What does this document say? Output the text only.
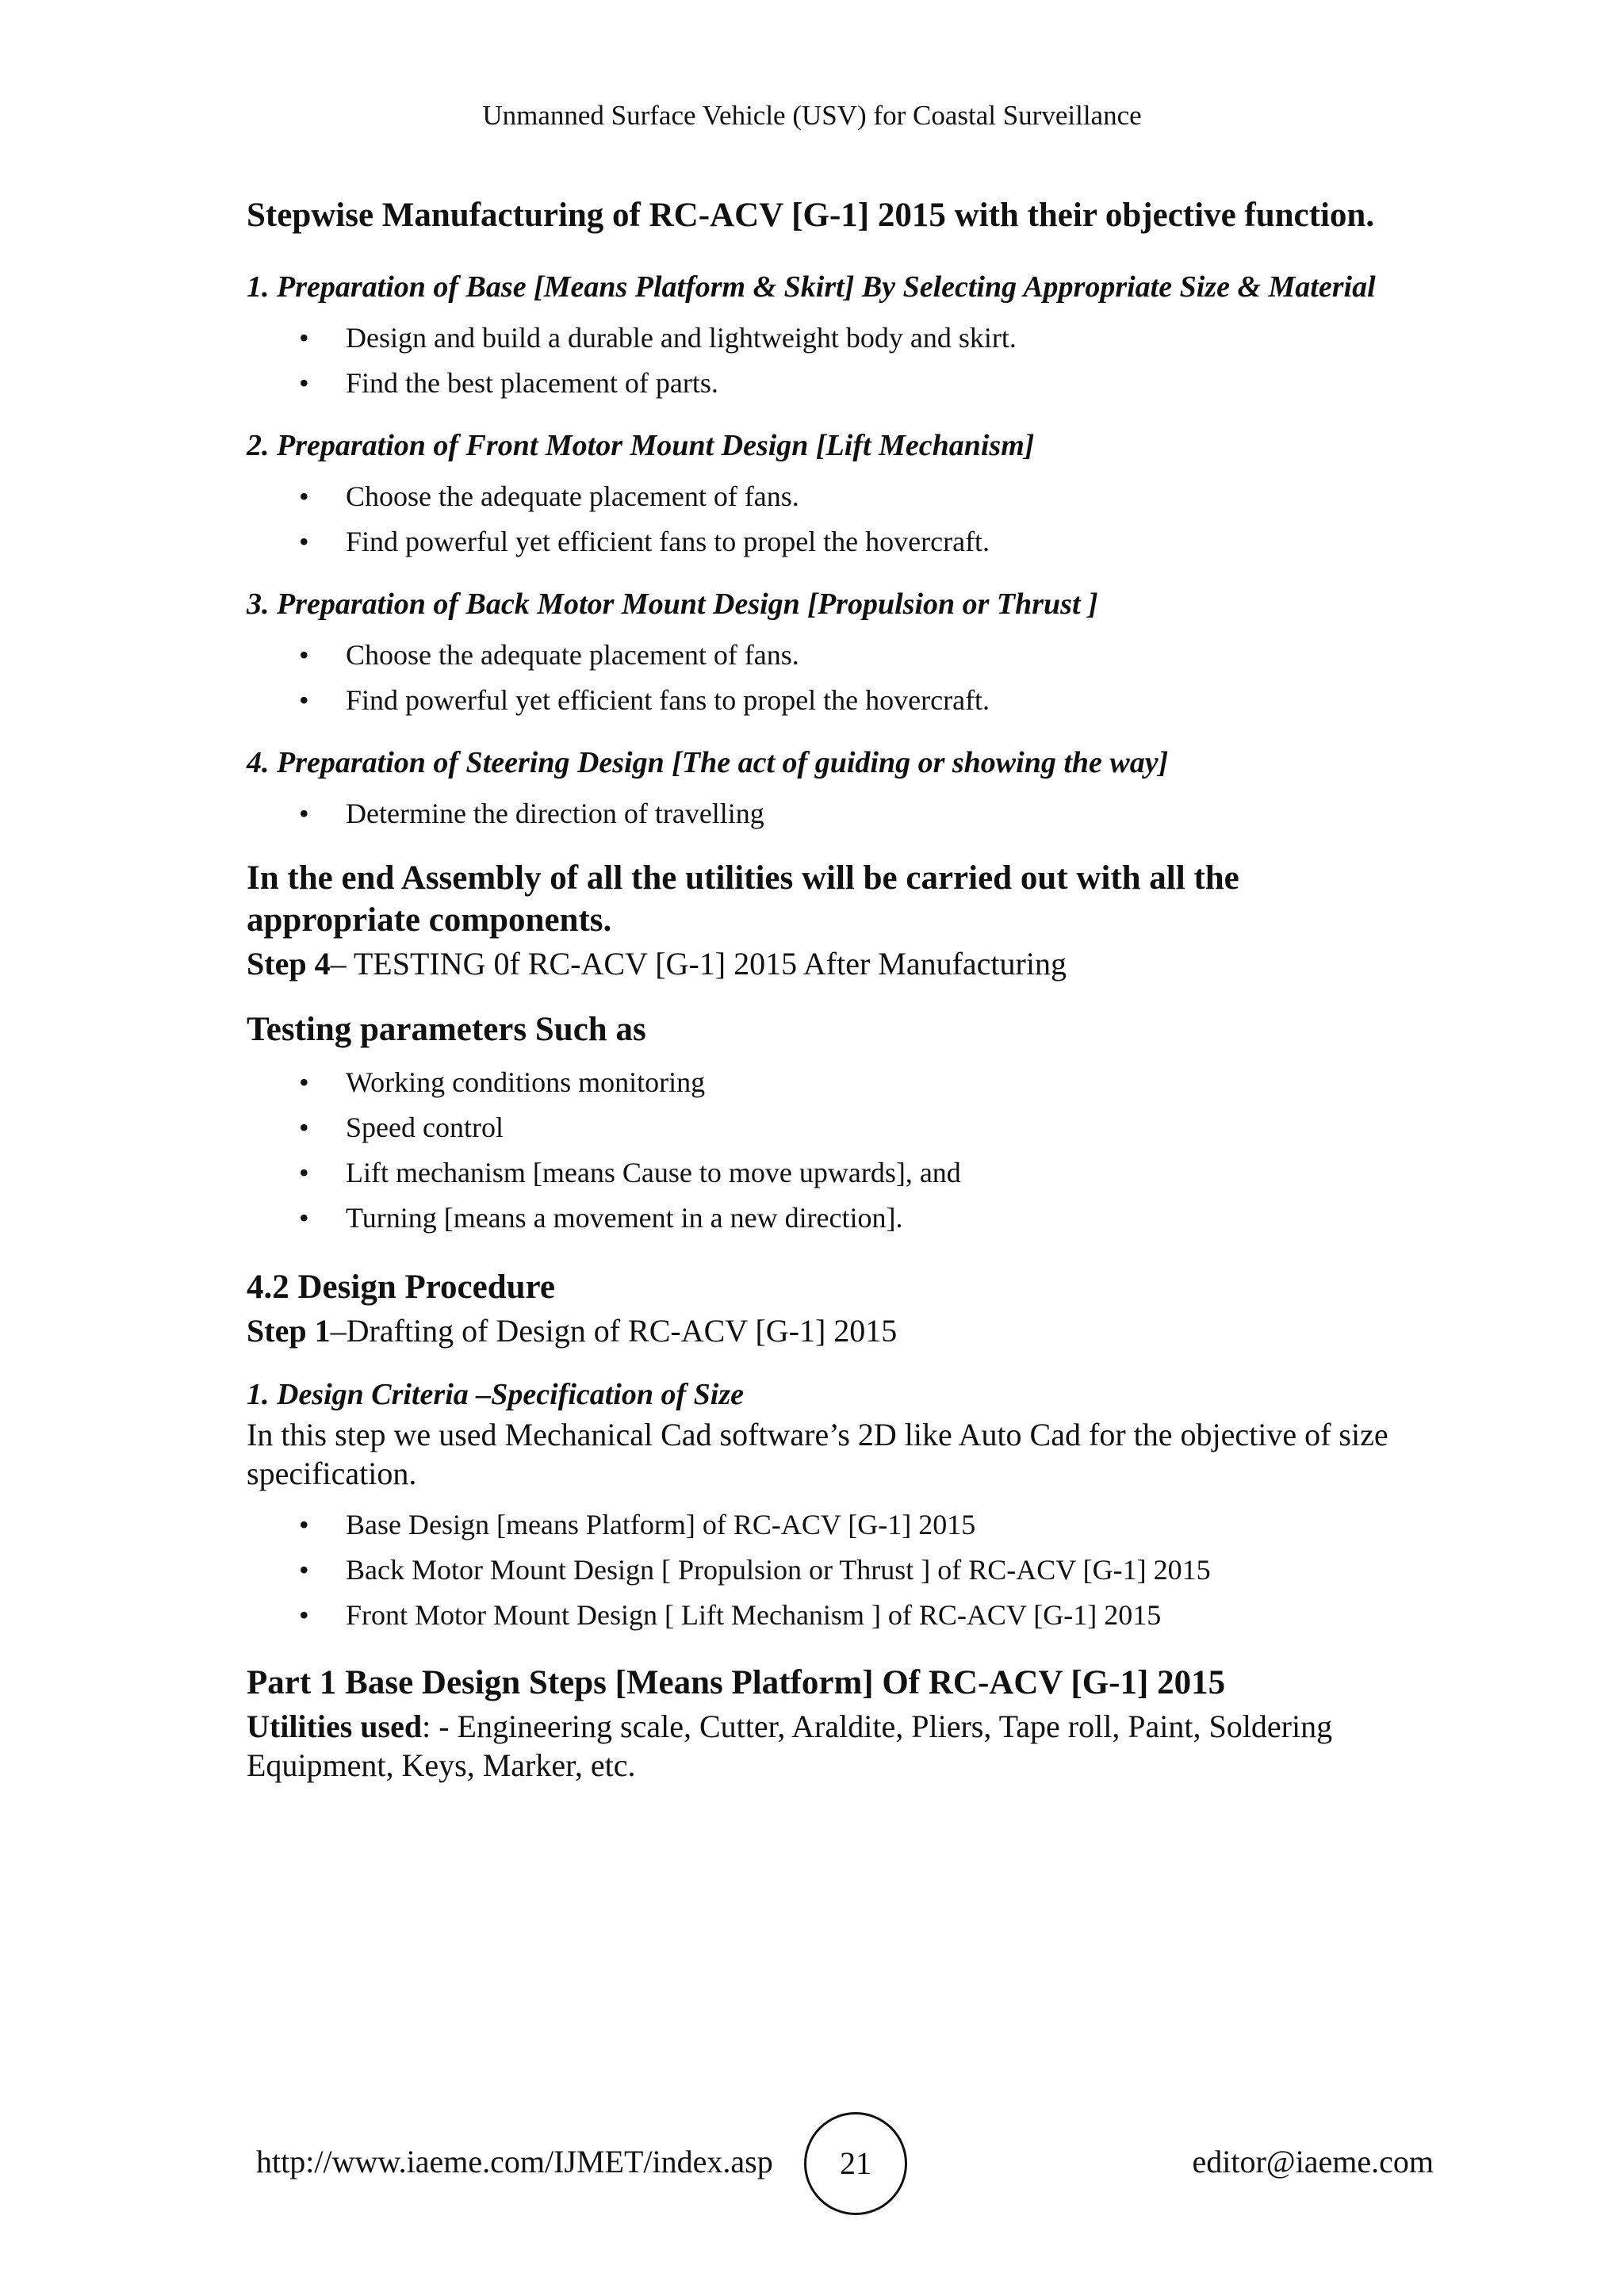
Unmanned Surface Vehicle (USV) for Coastal Surveillance
Stepwise Manufacturing of RC-ACV [G-1] 2015 with their objective function.
1. Preparation of Base [Means Platform & Skirt] By Selecting Appropriate Size & Material
• Design and build a durable and lightweight body and skirt.
• Find the best placement of parts.
2. Preparation of Front Motor Mount Design [Lift Mechanism]
• Choose the adequate placement of fans.
• Find powerful yet efficient fans to propel the hovercraft.
3. Preparation of Back Motor Mount Design [Propulsion or Thrust ]
• Choose the adequate placement of fans.
• Find powerful yet efficient fans to propel the hovercraft.
4. Preparation of Steering Design [The act of guiding or showing the way]
• Determine the direction of travelling
In the end Assembly of all the utilities will be carried out with all the appropriate components.

Step 4– TESTING 0f RC-ACV [G-1] 2015 After Manufacturing

Testing parameters Such as
• Working conditions monitoring
• Speed control
• Lift mechanism [means Cause to move upwards], and
• Turning [means a movement in a new direction].
4.2 Design Procedure

Step 1–Drafting of Design of RC-ACV [G-1] 2015

1. Design Criteria –Specification of Size

In this step we used Mechanical Cad software’s 2D like Auto Cad for the objective of size specification.

• Base Design [means Platform] of RC-ACV [G-1] 2015
• Back Motor Mount Design [ Propulsion or Thrust ] of RC-ACV [G-1] 2015
• Front Motor Mount Design [ Lift Mechanism ] of RC-ACV [G-1] 2015
Part 1 Base Design Steps [Means Platform] Of RC-ACV [G-1] 2015

Utilities used: - Engineering scale, Cutter, Araldite, Pliers, Tape roll, Paint, Soldering Equipment, Keys, Marker, etc.

http://www.iaeme.com/IJMET/index.asp	21	editor@iaeme.com
